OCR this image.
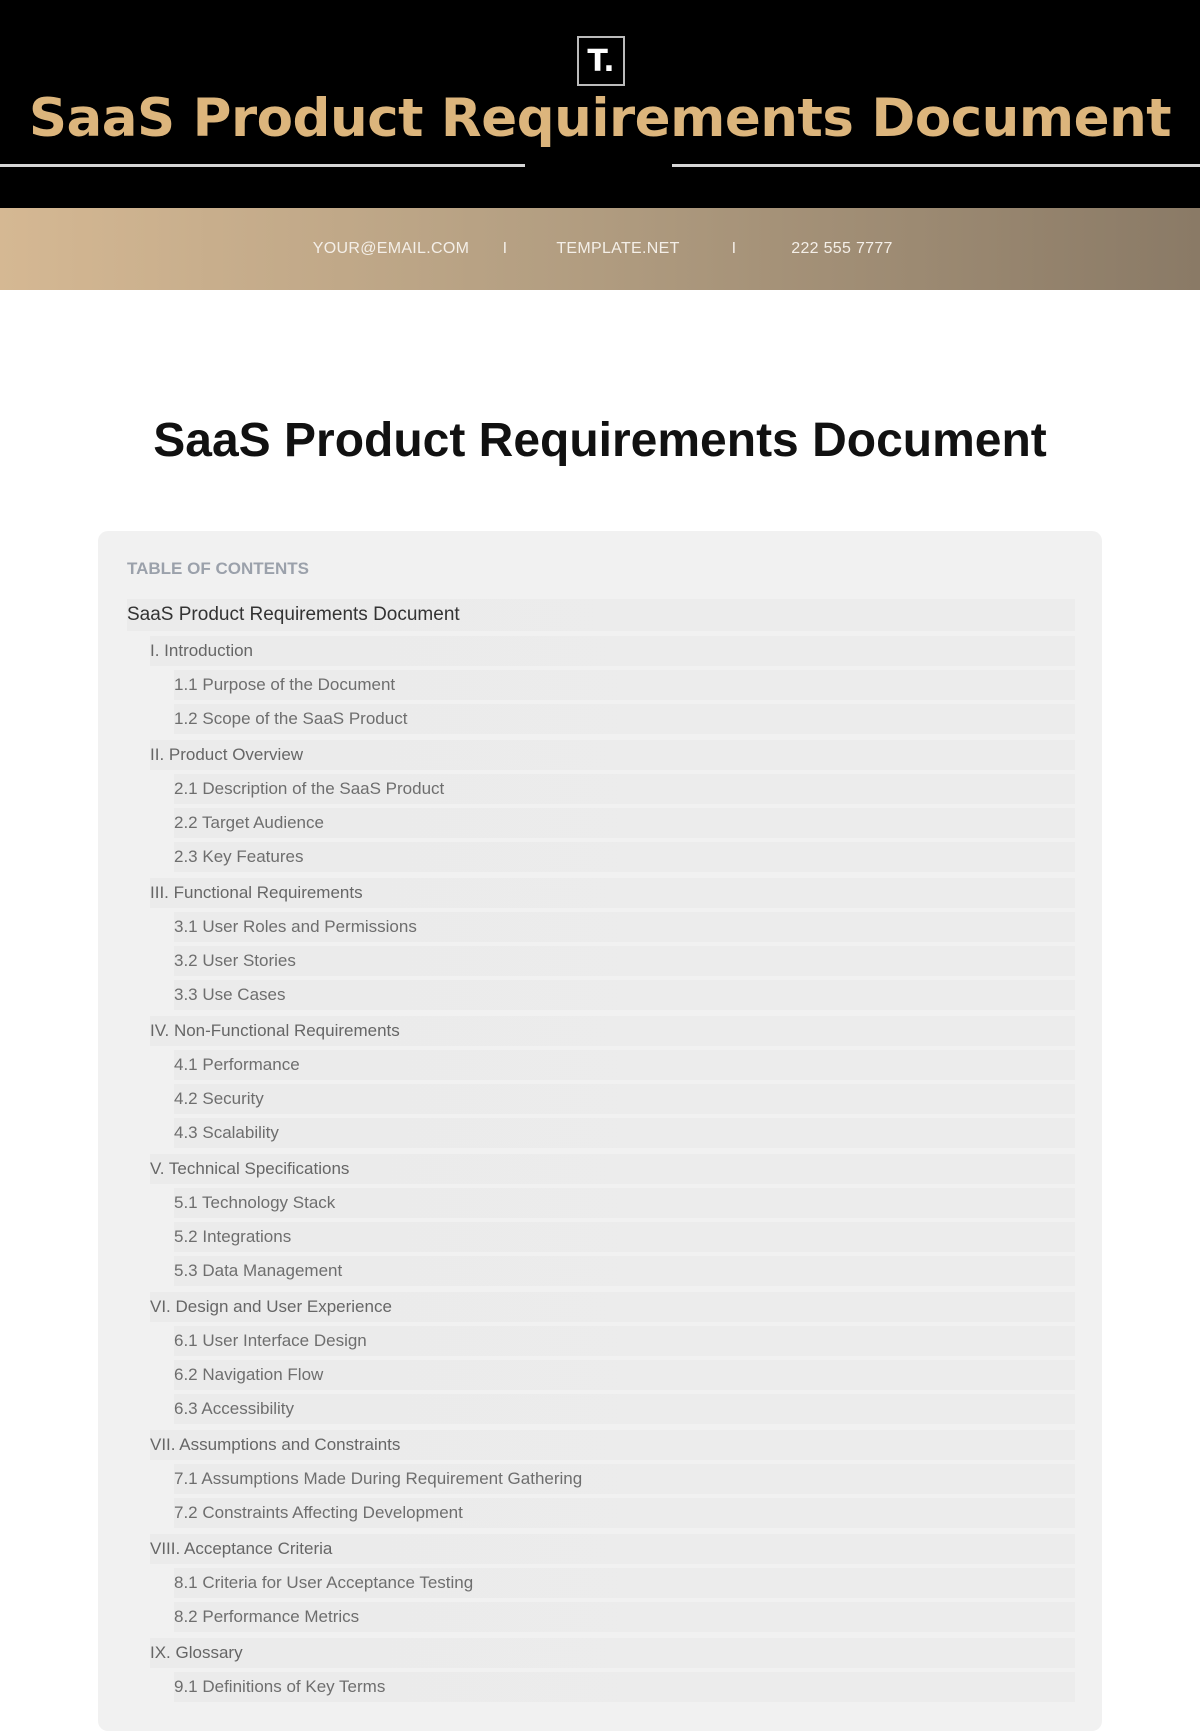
T.
SaaS Product Requirements Document
YOUR@EMAIL.COM I	TEMPLATE.NET	I	222 555 7777
SaaS Product Requirements Document
TABLE OF CONTENTS
SaaS Product Requirements Document
I. Introduction
1.1 Purpose of the Document
1.2 Scope of the SaaS Product
II. Product Overview
2.1 Description of the SaaS Product
2.2 Target Audience
2.3 Key Features
III. Functional Requirements
3.1 User Roles and Permissions
3.2 User Stories
3.3 Use Cases
IV. Non-Functional Requirements
4.1 Performance
4.2 Security
4.3 Scalability
V. Technical Specifications
5.1 Technology Stack
5.2 Integrations
5.3 Data Management
VI. Design and User Experience
6.1 User Interface Design
6.2 Navigation Flow
6.3 Accessibility
VII. Assumptions and Constraints
7.1 Assumptions Made During Requirement Gathering
7.2 Constraints Affecting Development
VIII. Acceptance Criteria
8.1 Criteria for User Acceptance Testing
8.2 Performance Metrics
IX. Glossary
9.1 Definitions of Key Terms
